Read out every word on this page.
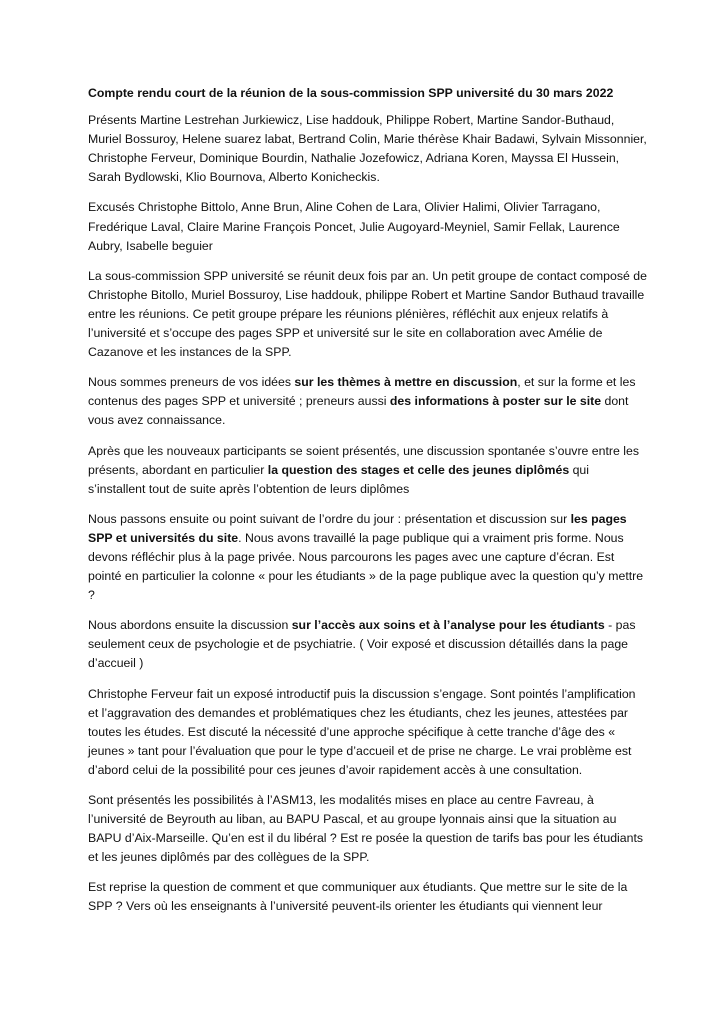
Compte rendu court de la réunion de la sous-commission SPP université du 30 mars 2022

Présents Martine Lestrehan Jurkiewicz, Lise haddouk, Philippe Robert, Martine Sandor-Buthaud, Muriel Bossuroy, Helene suarez labat, Bertrand Colin, Marie thérèse Khair Badawi, Sylvain Missonnier, Christophe Ferveur, Dominique Bourdin, Nathalie Jozefowicz, Adriana Koren, Mayssa El Hussein, Sarah Bydlowski, Klio Bournova, Alberto Konicheckis.

Excusés Christophe Bittolo, Anne Brun, Aline Cohen de Lara, Olivier Halimi, Olivier Tarragano, Fredérique Laval, Claire Marine François Poncet, Julie Augoyard-Meyniel, Samir Fellak, Laurence Aubry, Isabelle beguier

La sous-commission SPP université se réunit deux fois par an. Un petit groupe de contact composé de Christophe Bitollo, Muriel Bossuroy, Lise haddouk, philippe Robert et Martine Sandor Buthaud travaille entre les réunions. Ce petit groupe prépare les réunions plénières, réfléchit aux enjeux relatifs à l’université et s’occupe des pages SPP et université sur le site en collaboration avec Amélie de Cazanove et les instances de la SPP.

Nous sommes preneurs de vos idées sur les thèmes à mettre en discussion, et sur la forme et les contenus des pages SPP et université ; preneurs aussi des informations à poster sur le site dont vous avez connaissance.

Après que les nouveaux participants se soient présentés, une discussion spontanée s’ouvre entre les présents, abordant en particulier la question des stages et celle des jeunes diplômés qui s’installent tout de suite après l’obtention de leurs diplômes

Nous passons ensuite ou point suivant de l’ordre du jour : présentation et discussion sur les pages SPP et universités du site. Nous avons travaillé la page publique qui a vraiment pris forme. Nous devons réfléchir plus à la page privée. Nous parcourons les pages avec une capture d’écran. Est pointé en particulier la colonne « pour les étudiants » de la page publique avec la question qu’y mettre ?

Nous abordons ensuite la discussion sur l’accès aux soins et à l’analyse pour les étudiants - pas seulement ceux de psychologie et de psychiatrie. ( Voir exposé et discussion détaillés dans la page d’accueil )

Christophe Ferveur fait un exposé introductif puis la discussion s’engage. Sont pointés l’amplification et l’aggravation des demandes et problématiques chez les étudiants, chez les jeunes, attestées par toutes les études. Est discuté la nécessité d’une approche spécifique à cette tranche d’âge des « jeunes » tant pour l’évaluation que pour le type d’accueil et de prise ne charge. Le vrai problème est d’abord celui de la possibilité pour ces jeunes d’avoir rapidement accès à une consultation.

Sont présentés les possibilités à l’ASM13, les modalités mises en place au centre Favreau, à l’université de Beyrouth au liban, au BAPU Pascal, et au groupe lyonnais ainsi que la situation au BAPU d’Aix-Marseille. Qu’en est il du libéral ? Est re posée la question de tarifs bas pour les étudiants et les jeunes diplômés par des collègues de la SPP.

Est reprise la question de comment et que communiquer aux étudiants. Que mettre sur le site de la SPP ? Vers où les enseignants à l’université peuvent-ils orienter les étudiants qui viennent leur
